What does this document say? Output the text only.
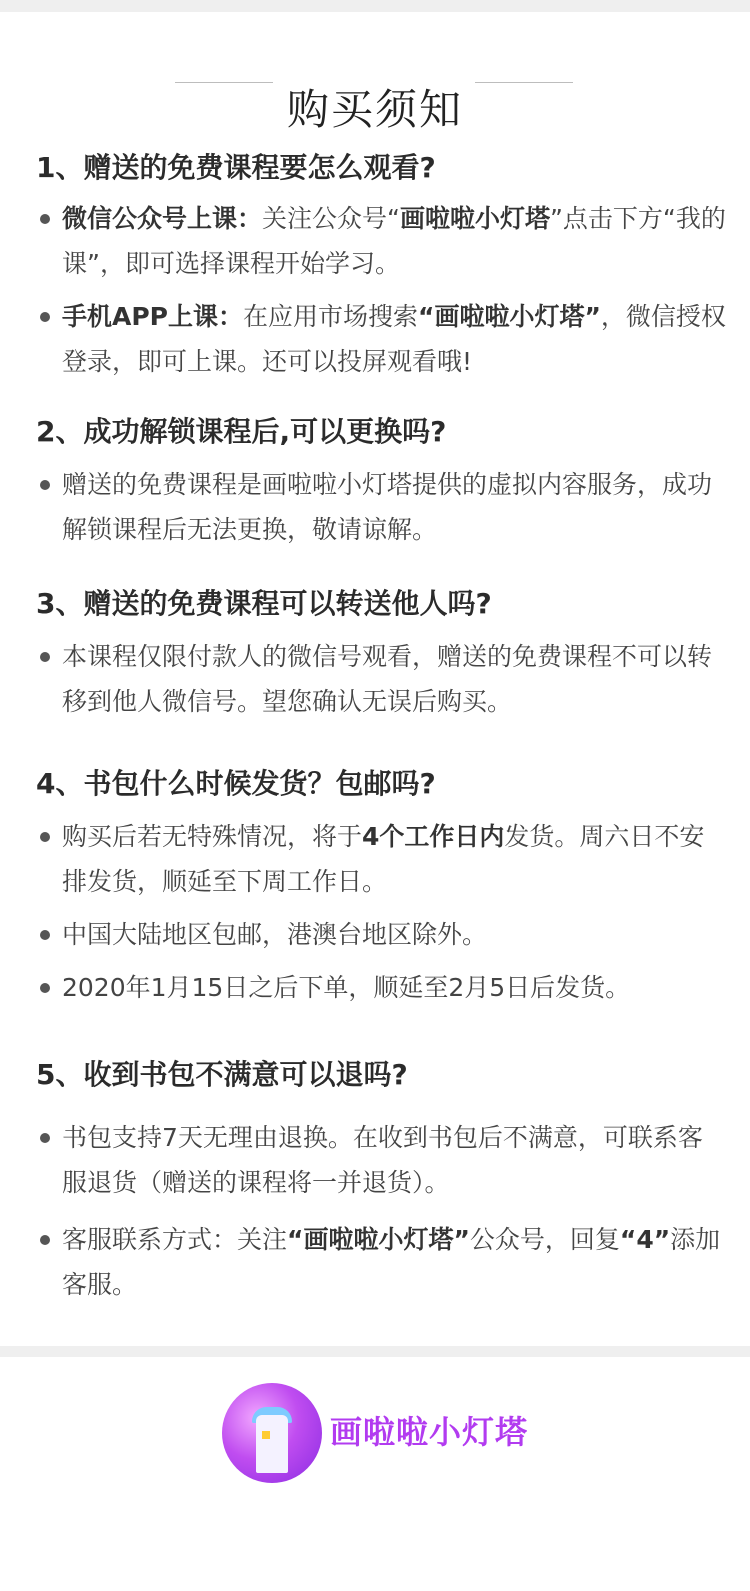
购买须知
1、赠送的免费课程要怎么观看?
微信公众号上课：关注公众号“画啦啦小灯塔”点击下方“我的课”，即可选择课程开始学习。
手机APP上课：在应用市场搜索“画啦啦小灯塔”，微信授权登录，即可上课。还可以投屏观看哦!
2、成功解锁课程后,可以更换吗?
赠送的免费课程是画啦啦小灯塔提供的虚拟内容服务，成功解锁课程后无法更换，敬请谅解。
3、赠送的免费课程可以转送他人吗?
本课程仅限付款人的微信号观看，赠送的免费课程不可以转移到他人微信号。望您确认无误后购买。
4、书包什么时候发货？包邮吗?
购买后若无特殊情况，将于4个工作日内发货。周六日不安排发货，顺延至下周工作日。
中国大陆地区包邮，港澳台地区除外。
2020年1月15日之后下单，顺延至2月5日后发货。
5、收到书包不满意可以退吗?
书包支持7天无理由退换。在收到书包后不满意，可联系客服退货（赠送的课程将一并退货）。
客服联系方式：关注“画啦啦小灯塔”公众号，回复“4”添加客服。
画啦啦小灯塔
